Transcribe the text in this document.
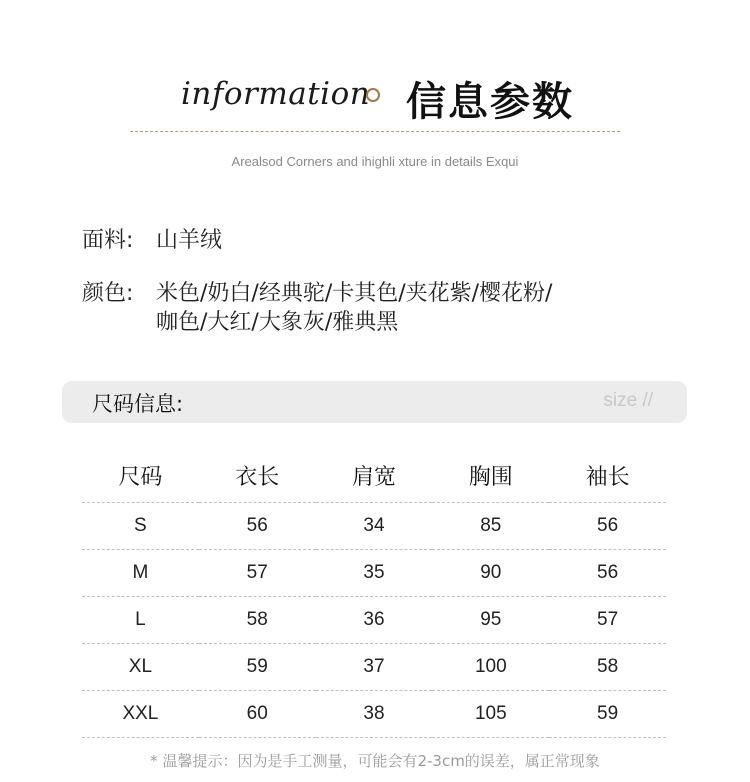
information 信息参数
Arealsod Corners and ihighli xture in details Exqui
面料: 山羊绒
颜色: 米色/奶白/经典驼/卡其色/夹花紫/樱花粉/
咖色/大红/大象灰/雅典黑
尺码信息:	size //
尺码	衣长	肩宽	胸围	袖长
S	56	34	85	56
M	57	35	90	56
L	58	36	95	57
XL	59	37	100	58
XXL	60	38	105	59
* 温馨提示：因为是手工测量，可能会有2-3cm的误差，属正常现象
